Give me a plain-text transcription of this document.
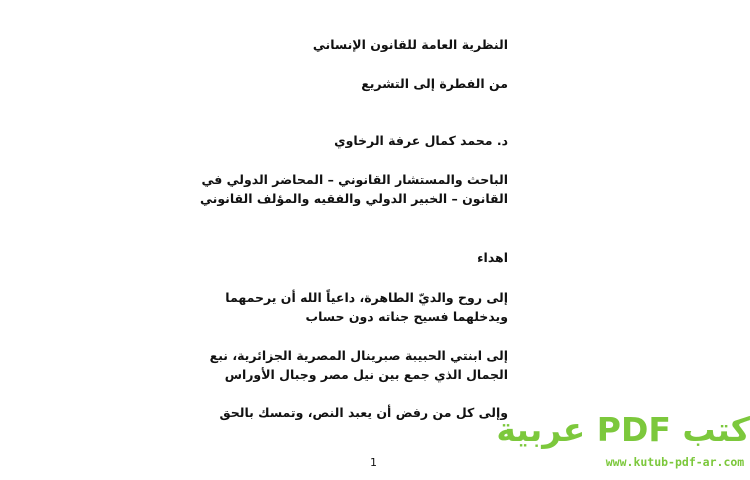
النظرية العامة للقانون الإنساني
من الفطرة إلى التشريع
د. محمد كمال عرفة الرخاوي
الباحث والمستشار القانوني – المحاضر الدولي في
القانون – الخبير الدولي والفقيه والمؤلف القانوني
اهداء
إلى روح والديّ الطاهرة، داعياً الله أن يرحمهما
ويدخلهما فسيح جناته دون حساب
إلى ابنتي الحبيبة صبرينال المصرية الجزائرية، نبع
الجمال الذي جمع بين نيل مصر وجبال الأوراس
وإلى كل من رفض أن يعبد النص، وتمسك بالحق
1
كتب PDF عربية
www.kutub-pdf-ar.com
